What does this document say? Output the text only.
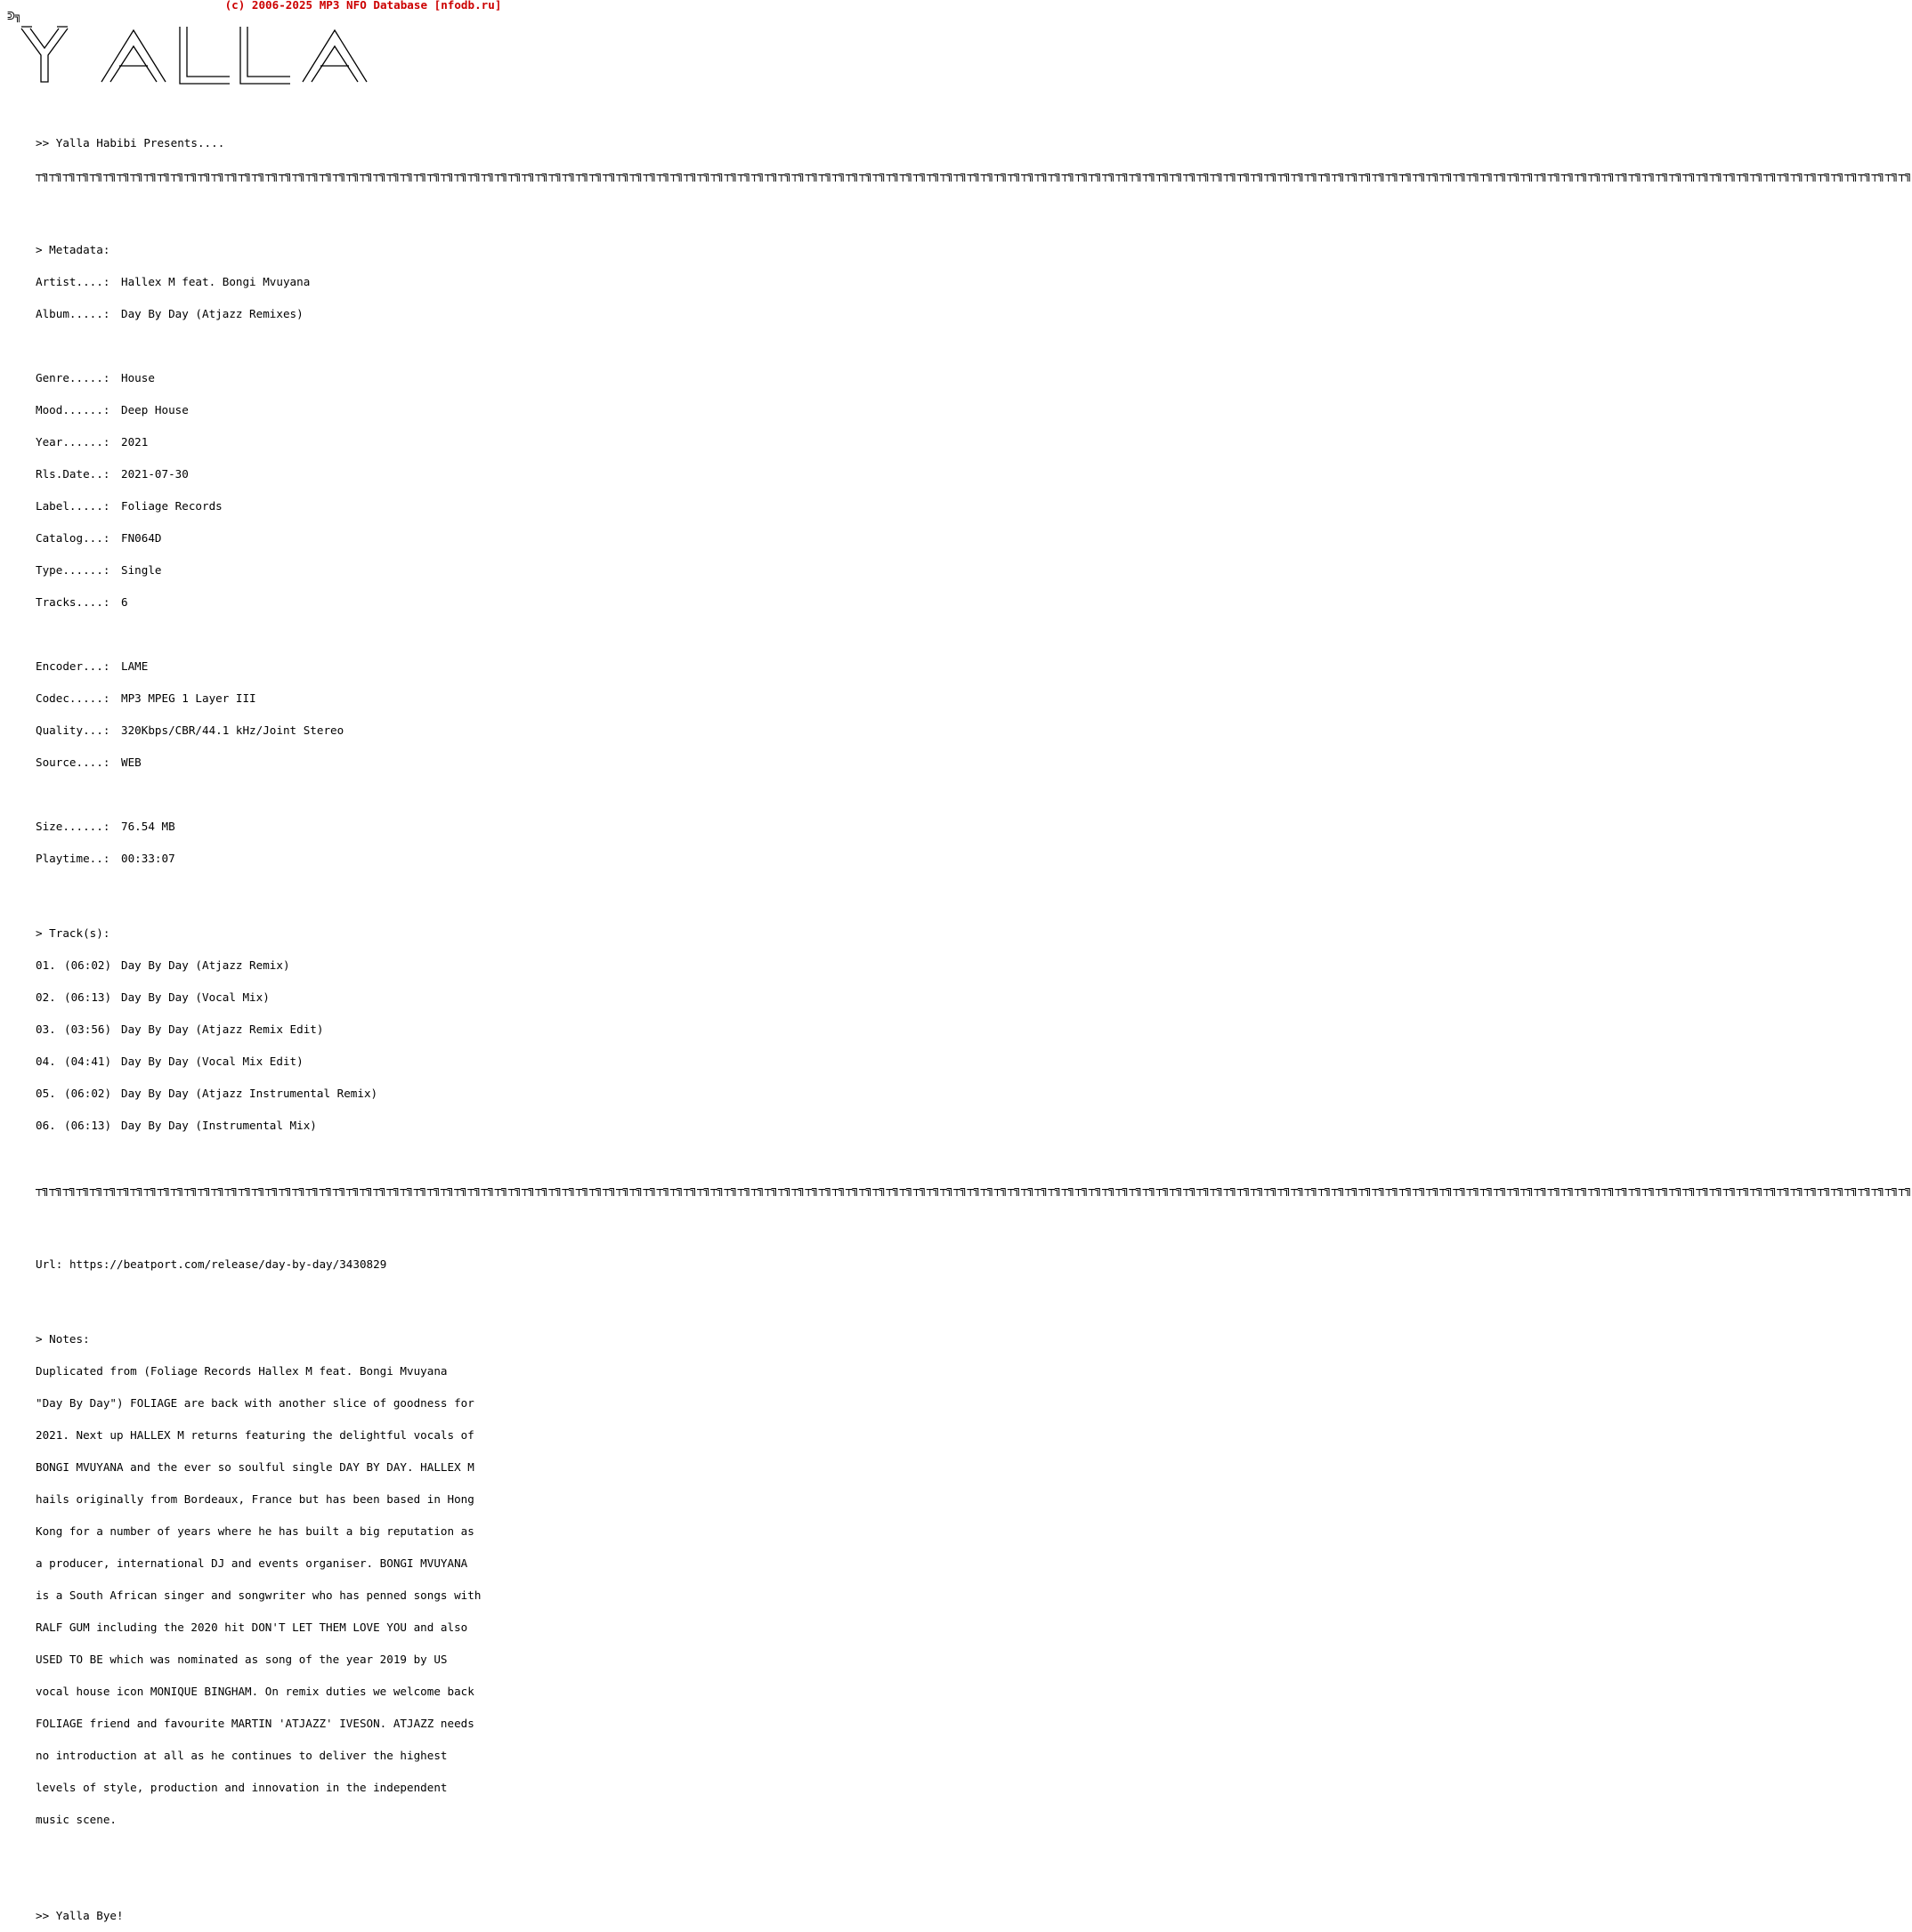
(c) 2006-2025 MP3 NFO Database [nfodb.ru]
ᕲ╗

>> Yalla Habibi Presents....

┬╗┬╗┬╗┬╗┬╗┬╗┬╗┬╗┬╗┬╗┬╗┬╗┬╗┬╗┬╗┬╗┬╗┬╗┬╗┬╗┬╗┬╗┬╗┬╗┬╗┬╗┬╗┬╗┬╗┬╗┬╗┬╗┬╗┬╗┬╗┬╗┬╗┬╗┬╗┬╗┬╗┬╗┬╗┬╗┬╗┬╗┬╗┬╗┬╗┬╗┬╗┬╗┬╗┬╗┬╗┬╗┬╗┬╗┬╗┬╗┬╗┬╗┬╗┬╗┬╗┬╗┬╗┬╗┬╗┬╗┬╗┬╗┬╗┬╗┬╗┬╗┬╗┬╗┬╗┬╗┬╗┬╗┬╗┬╗┬╗┬╗┬╗┬╗┬╗┬╗┬╗┬╗┬╗┬╗┬╗┬╗┬╗┬╗┬╗┬╗┬╗┬╗┬╗┬╗┬╗┬╗┬╗┬╗┬╗┬╗┬╗┬╗┬╗┬╗┬╗┬╗┬╗┬╗┬╗┬╗┬╗┬╗┬╗┬╗┬╗┬╗┬╗┬╗┬╗┬╗┬╗┬╗┬╗┬╗┬╗┬╗┬╗┬╗┬╗

> Metadata:

Artist....: Hallex M feat. Bongi Mvuyana

Album.....: Day By Day (Atjazz Remixes)

Genre.....: House

Mood......: Deep House

Year......: 2021

Rls.Date..: 2021-07-30

Label.....: Foliage Records

Catalog...: FN064D

Type......: Single

Tracks....: 6

Encoder...: LAME

Codec.....: MP3 MPEG 1 Layer III

Quality...: 320Kbps/CBR/44.1 kHz/Joint Stereo

Source....: WEB

Size......: 76.54 MB

Playtime..: 00:33:07

> Track(s):

01. (06:02) Day By Day (Atjazz Remix)

02. (06:13) Day By Day (Vocal Mix)

03. (03:56) Day By Day (Atjazz Remix Edit)

04. (04:41) Day By Day (Vocal Mix Edit)

05. (06:02) Day By Day (Atjazz Instrumental Remix)

06. (06:13) Day By Day (Instrumental Mix)

┬╗┬╗┬╗┬╗┬╗┬╗┬╗┬╗┬╗┬╗┬╗┬╗┬╗┬╗┬╗┬╗┬╗┬╗┬╗┬╗┬╗┬╗┬╗┬╗┬╗┬╗┬╗┬╗┬╗┬╗┬╗┬╗┬╗┬╗┬╗┬╗┬╗┬╗┬╗┬╗┬╗┬╗┬╗┬╗┬╗┬╗┬╗┬╗┬╗┬╗┬╗┬╗┬╗┬╗┬╗┬╗┬╗┬╗┬╗┬╗┬╗┬╗┬╗┬╗┬╗┬╗┬╗┬╗┬╗┬╗┬╗┬╗┬╗┬╗┬╗┬╗┬╗┬╗┬╗┬╗┬╗┬╗┬╗┬╗┬╗┬╗┬╗┬╗┬╗┬╗┬╗┬╗┬╗┬╗┬╗┬╗┬╗┬╗┬╗┬╗┬╗┬╗┬╗┬╗┬╗┬╗┬╗┬╗┬╗┬╗┬╗┬╗┬╗┬╗┬╗┬╗┬╗┬╗┬╗┬╗┬╗┬╗┬╗┬╗┬╗┬╗┬╗┬╗┬╗┬╗┬╗┬╗┬╗┬╗┬╗┬╗┬╗┬╗┬╗

Url: https://beatport.com/release/day-by-day/3430829

> Notes:

Duplicated from (Foliage Records Hallex M feat. Bongi Mvuyana

"Day By Day") FOLIAGE are back with another slice of goodness for

2021. Next up HALLEX M returns featuring the delightful vocals of

BONGI MVUYANA and the ever so soulful single DAY BY DAY. HALLEX M

hails originally from Bordeaux, France but has been based in Hong

Kong for a number of years where he has built a big reputation as

a producer, international DJ and events organiser. BONGI MVUYANA

is a South African singer and songwriter who has penned songs with

RALF GUM including the 2020 hit DON'T LET THEM LOVE YOU and also

USED TO BE which was nominated as song of the year 2019 by US

vocal house icon MONIQUE BINGHAM. On remix duties we welcome back

FOLIAGE friend and favourite MARTIN 'ATJAZZ' IVESON. ATJAZZ needs

no introduction at all as he continues to deliver the highest

levels of style, production and innovation in the independent

music scene.

>> Yalla Bye!
